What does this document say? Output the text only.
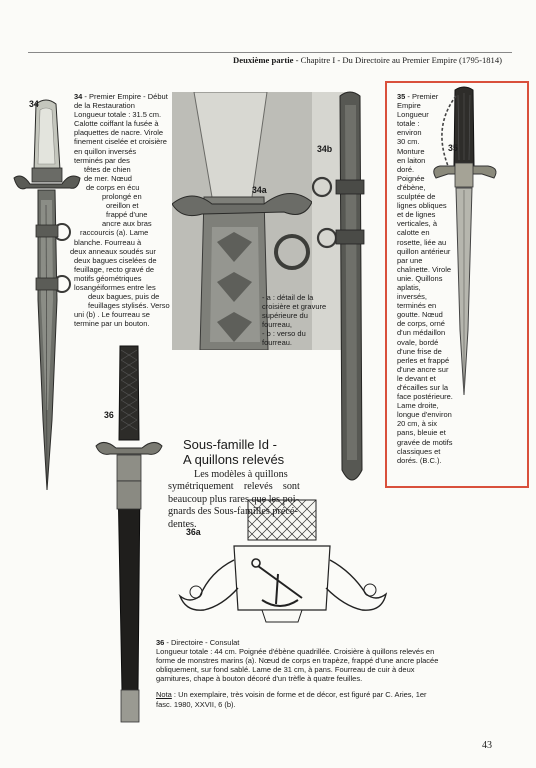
Deuxième partie - Chapitre I - Du Directoire au Premier Empire (1795-1814)
34
34a
34b	35
36
36a
34 - Premier Empire - Début
de la Restauration
Longueur totale : 31.5 cm.
Calotte coiffant la fusée à
plaquettes de nacre. Virole
finement ciselée et croisière
en quillon inversés
terminés par des
têtes de chien
de mer. Nœud
de corps en écu
prolongé en
oreillon et
frappé d'une
ancre aux bras
raccourcis (a). Lame
blanche. Fourreau à
deux anneaux soudés sur
deux bagues ciselées de
feuillage, recto gravé de
motifs géométriques
losangéiformes entre les
deux bagues, puis de
feuillages stylisés. Verso
uni (b) . Le fourreau se
termine par un bouton.
- a : détail de la
croisière et gravure
supérieure du
fourreau,
- b : verso du
fourreau.
35 - Premier
Empire
Longueur
totale :
environ
30 cm.
Monture
en laiton
doré.
Poignée
d'ébène,
sculptée de
lignes obliques
et de lignes
verticales, à
calotte en
rosette, liée au
quillon antérieur
par une
chaînette. Virole
unie. Quillons
aplatis,
inversés,
terminés en
goutte. Nœud
de corps, orné
d'un médaillon
ovale, bordé
d'une frise de
perles et frappé
d'une ancre sur
le devant et
d'écailles sur la
face postérieure.
Lame droite,
longue d'environ
20 cm, à six
pans, bleuie et
gravée de motifs
classiques et
dorés. (B.C.).
Sous-famille Id -
A quillons relevés
Les modèles à quillons
symétriquement    relevés    sont
beaucoup plus rares que les poi-
gnards des Sous-familles précé-
dentes.
36 - Directoire - Consulat
Longueur totale : 44 cm. Poignée d'ébène quadrillée. Croisière à quillons relevés en
forme de monstres marins (a). Nœud de corps en trapèze, frappé d'une ancre placée
obliquement, sur fond sablé. Lame de 31 cm, à pans. Fourreau de cuir à deux
garnitures, chape à bouton décoré d'un trèfle à quatre feuilles.
Nota : Un exemplaire, très voisin de forme et de décor, est figuré par C. Aries, 1er
fasc. 1980, XXVII, 6 (b).
43
